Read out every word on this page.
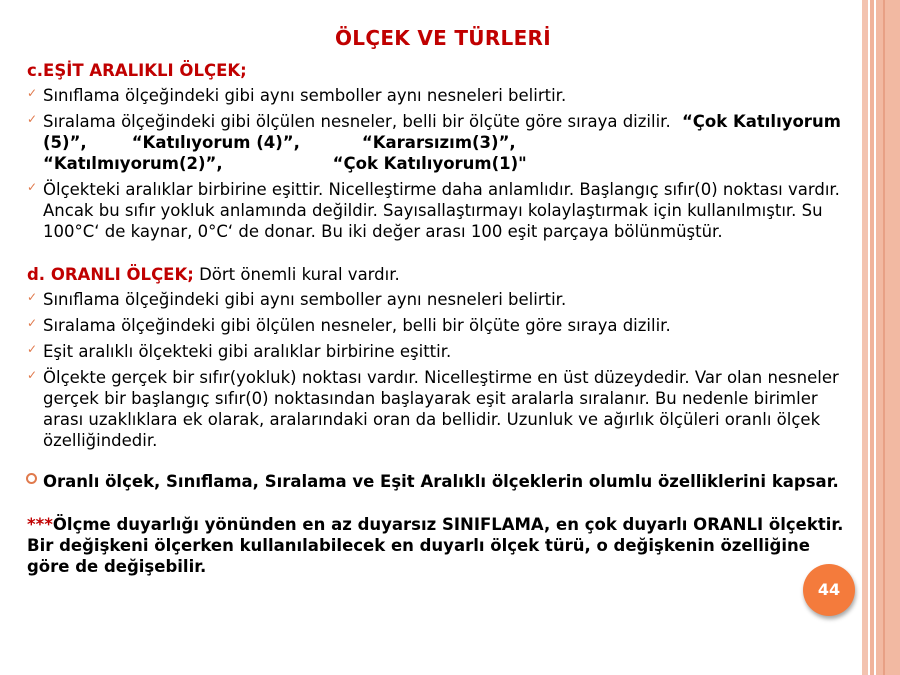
ÖLÇEK VE TÜRLERİ
c.EŞİT ARALIKLI ÖLÇEK;

✓ Sınıflama ölçeğindeki gibi aynı semboller aynı nesneleri belirtir.

✓ Sıralama ölçeğindeki gibi ölçülen nesneler, belli bir ölçüte göre sıraya dizilir. “Çok Katılıyorum (5)”,	“Katılıyorum (4)”,	“Kararsızım(3)”,
“Katılmıyorum(2)”,	“Çok Katılıyorum(1)"

✓ Ölçekteki aralıklar birbirine eşittir. Nicelleştirme daha anlamlıdır. Başlangıç sıfır(0) noktası vardır. Ancak bu sıfır yokluk anlamında değildir. Sayısallaştırmayı kolaylaştırmak için kullanılmıştır. Su 100°C‘ de kaynar, 0°C‘ de donar. Bu iki değer arası 100 eşit parçaya bölünmüştür.

d. ORANLI ÖLÇEK; Dört önemli kural vardır.

✓ Sınıflama ölçeğindeki gibi aynı semboller aynı nesneleri belirtir.

✓ Sıralama ölçeğindeki gibi ölçülen nesneler, belli bir ölçüte göre sıraya dizilir.

✓ Eşit aralıklı ölçekteki gibi aralıklar birbirine eşittir.

✓ Ölçekte gerçek bir sıfır(yokluk) noktası vardır. Nicelleştirme en üst düzeydedir. Var olan nesneler gerçek bir başlangıç sıfır(0) noktasından başlayarak eşit aralarla sıralanır. Bu nedenle birimler arası uzaklıklara ek olarak, aralarındaki oran da bellidir. Uzunluk ve ağırlık ölçüleri oranlı ölçek özelliğindedir.

Oranlı ölçek, Sınıflama, Sıralama ve Eşit Aralıklı ölçeklerin olumlu özelliklerini kapsar.

***Ölçme duyarlığı yönünden en az duyarsız SINIFLAMA, en çok duyarlı ORANLI ölçektir. Bir değişkeni ölçerken kullanılabilecek en duyarlı ölçek türü, o değişkenin özelliğine göre de değişebilir.

44
